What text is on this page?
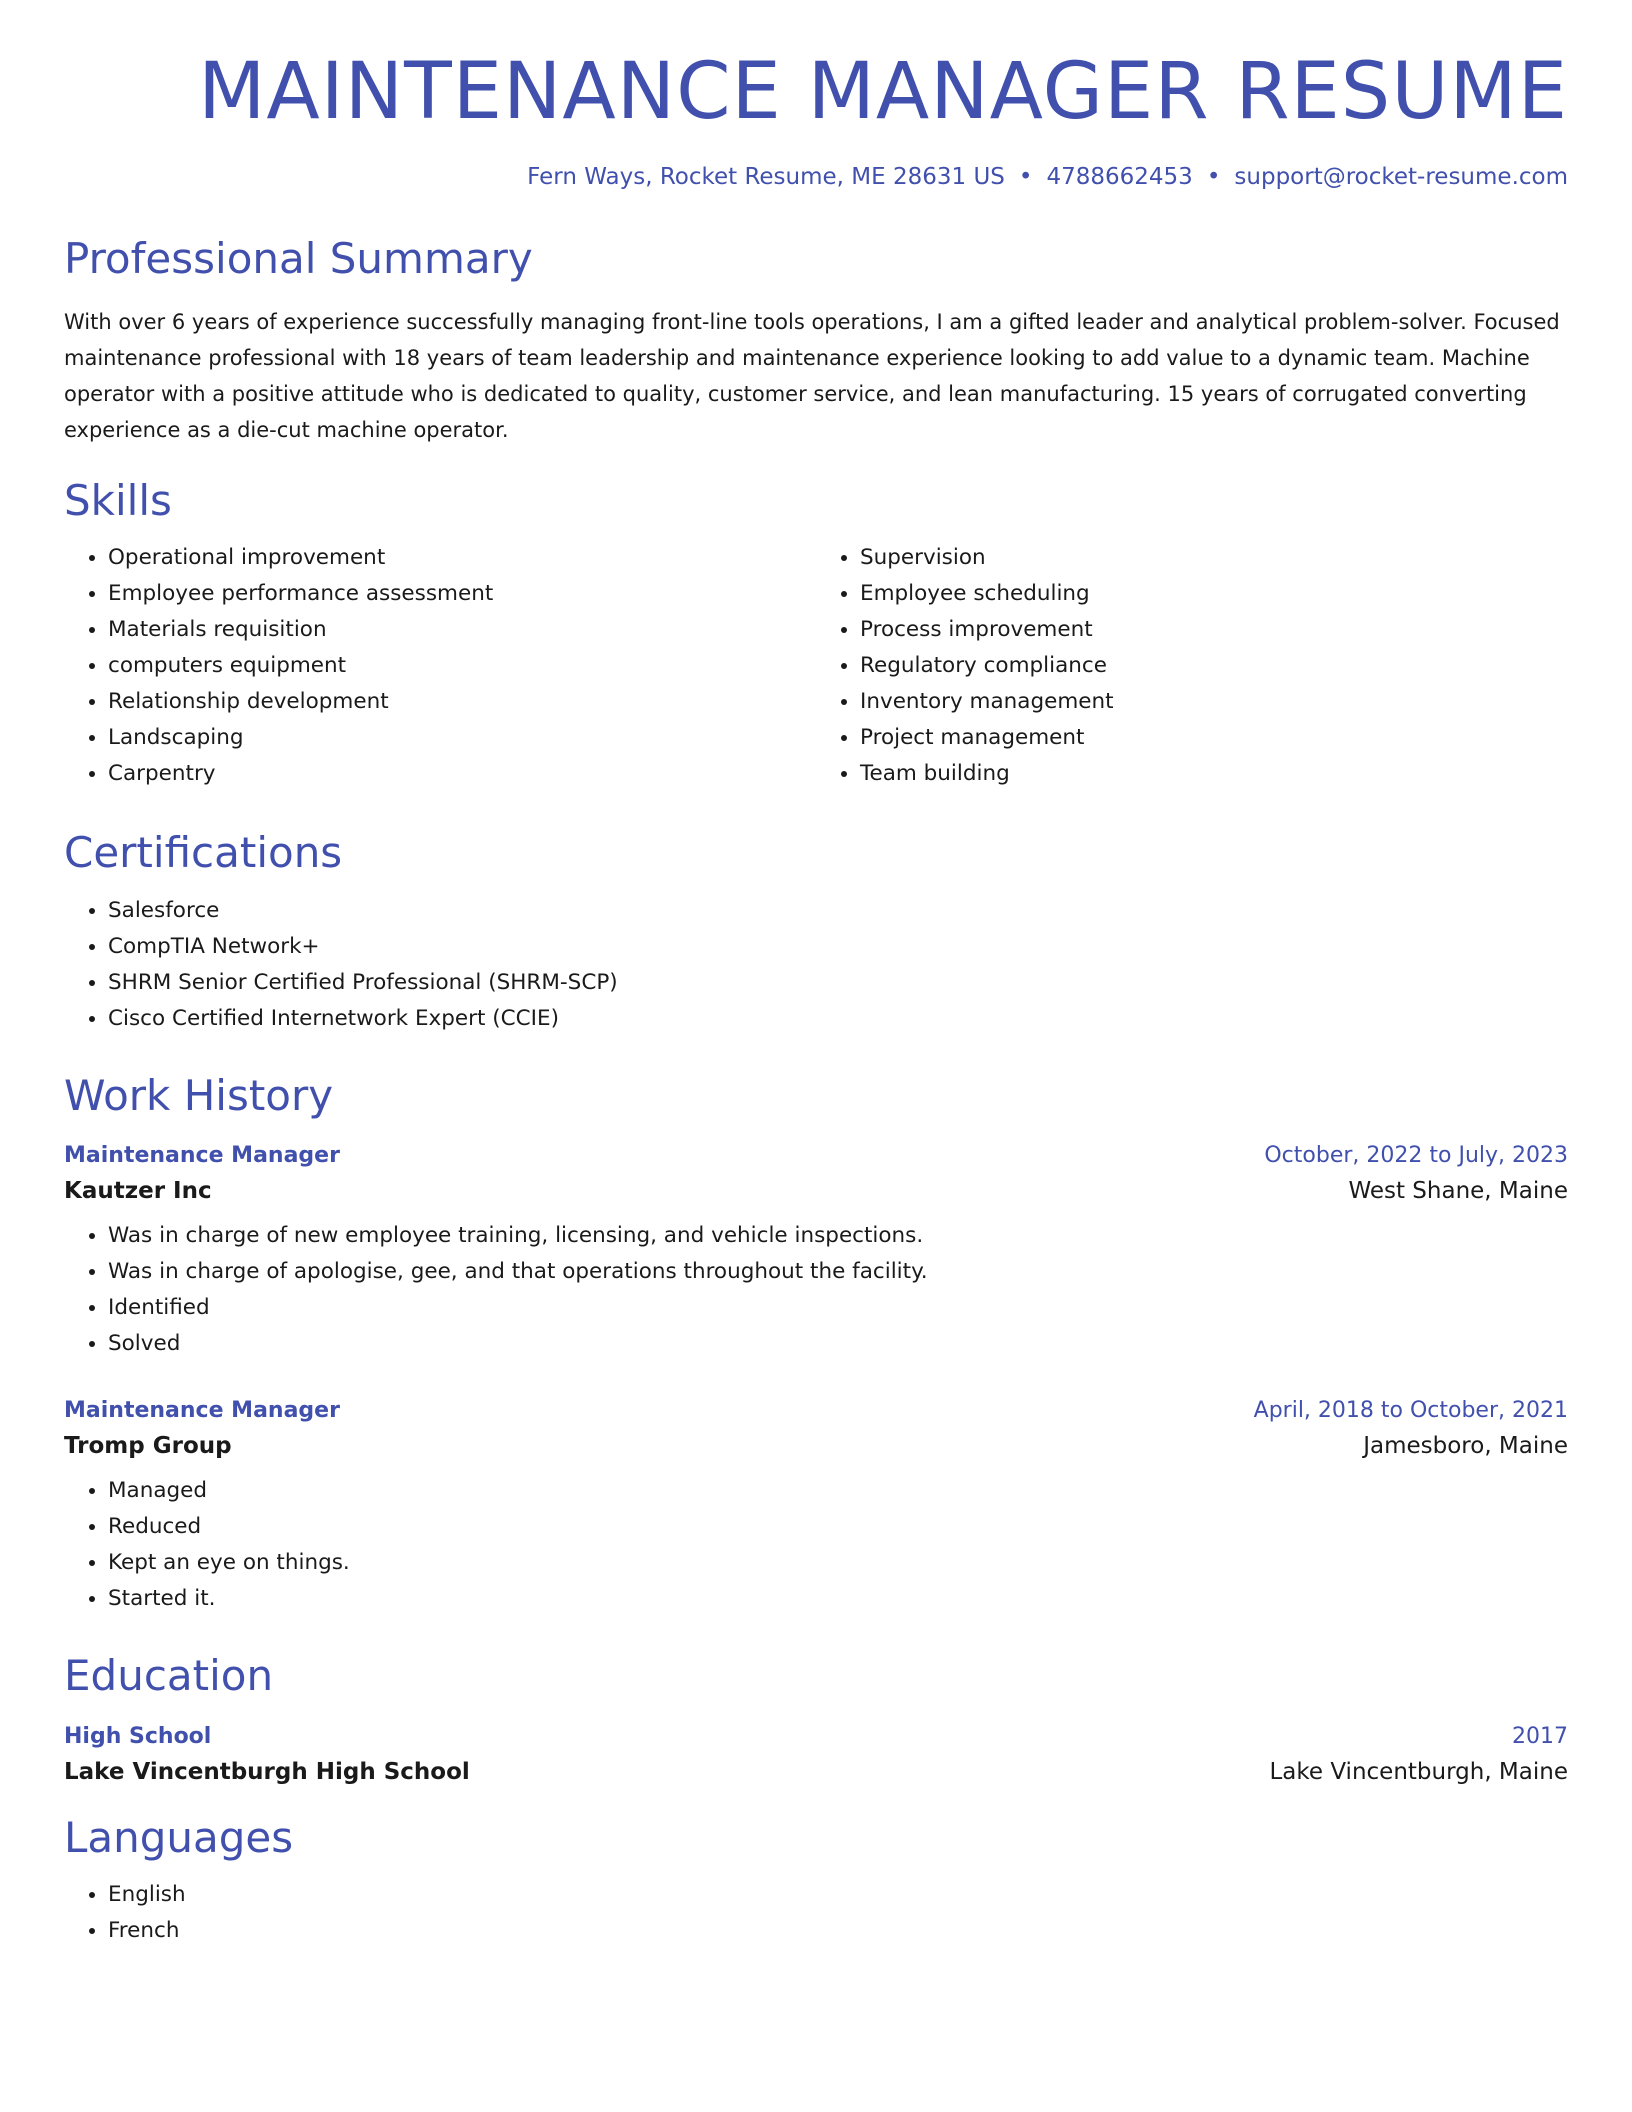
MAINTENANCE MANAGER RESUME
Fern Ways, Rocket Resume, ME 28631 US • 4788662453 • support@rocket-resume.com
Professional Summary

With over 6 years of experience successfully managing front-line tools operations, I am a gifted leader and analytical problem-solver. Focused maintenance professional with 18 years of team leadership and maintenance experience looking to add value to a dynamic team. Machine operator with a positive attitude who is dedicated to quality, customer service, and lean manufacturing. 15 years of corrugated converting experience as a die-cut machine operator.

Skills
• Operational improvement
• Employee performance assessment
• Materials requisition
• computers equipment
• Relationship development
• Landscaping
• Carpentry
• Supervision
• Employee scheduling
• Process improvement
• Regulatory compliance
• Inventory management
• Project management
• Team building
Certifications
• Salesforce
• CompTIA Network+
• SHRM Senior Certified Professional (SHRM-SCP)
• Cisco Certified Internetwork Expert (CCIE)
Work History
Maintenance Manager	October, 2022 to July, 2023
Kautzer Inc	West Shane, Maine
• Was in charge of new employee training, licensing, and vehicle inspections.
• Was in charge of apologise, gee, and that operations throughout the facility.
• Identified
• Solved
Maintenance Manager	April, 2018 to October, 2021
Tromp Group	Jamesboro, Maine
• Managed
• Reduced
• Kept an eye on things.
• Started it.
Education
High School	2017
Lake Vincentburgh High School	Lake Vincentburgh, Maine
Languages
• English
• French
